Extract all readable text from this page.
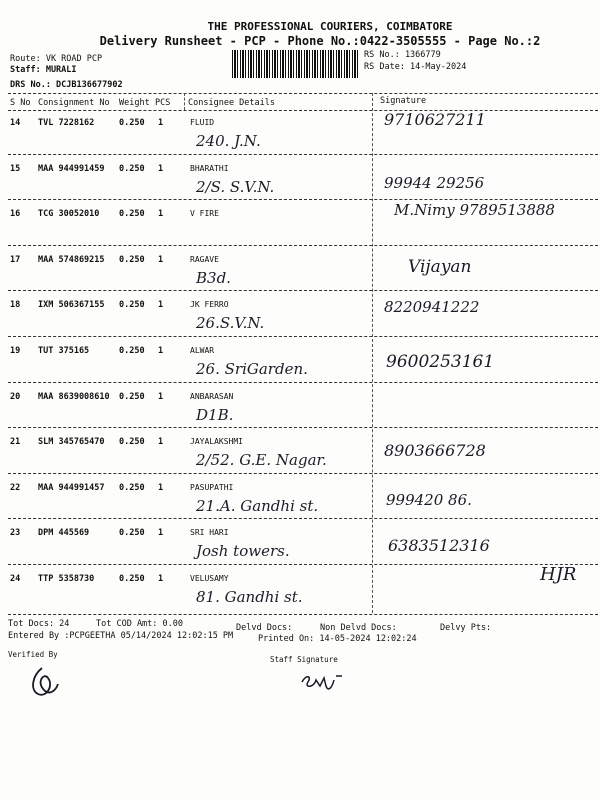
THE PROFESSIONAL COURIERS, COIMBATORE
Delivery Runsheet - PCP - Phone No.:0422-3505555 - Page No.:2
Route: VK ROAD PCP
Staff: MURALI
DRS No.: DCJB136677902
RS No.: 1366779
RS Date: 14-May-2024
S No Consignment No Weight PCS Consignee Details	Signature
14 TVL 7228162	0.250 1	FLUID
240. J.N.
9710627211
15 MAA 944991459 0.250 1	BHARATHI
2/S. S.V.N.	99944 29256
16 TCG 30052010 0.250 1	V FIRE	M.Nimy 9789513888
17 MAA 574869215 0.250 1	RAGAVE
B3d.
Vijayan
18 IXM 506367155 0.250 1	JK FERRO
26.S.V.N.
8220941222
19 TUT 375165	0.250 1	ALWAR
26. SriGarden.	9600253161
20 MAA 8639008610 0.250 1	ANBARASAN
D1B.
21 SLM 345765470 0.250 1	JAYALAKSHMI
2/52. G.E. Nagar.	8903666728
22 MAA 944991457 0.250 1	PASUPATHI
21.A. Gandhi st.	999420 86.
23 DPM 445569	0.250 1	SRI HARI
Josh towers.	6383512316
24 TTP 5358730	0.250 1	VELUSAMY
81. Gandhi st.
HJR
Tot Docs: 24	Tot COD Amt: 0.00	Delvd Docs:	Non Delvd Docs:	Delvy Pts:
Entered By :PCPGEETHA 05/14/2024 12:02:15 PM	Printed On: 14-05-2024 12:02:24
Verified By
Staff Signature
